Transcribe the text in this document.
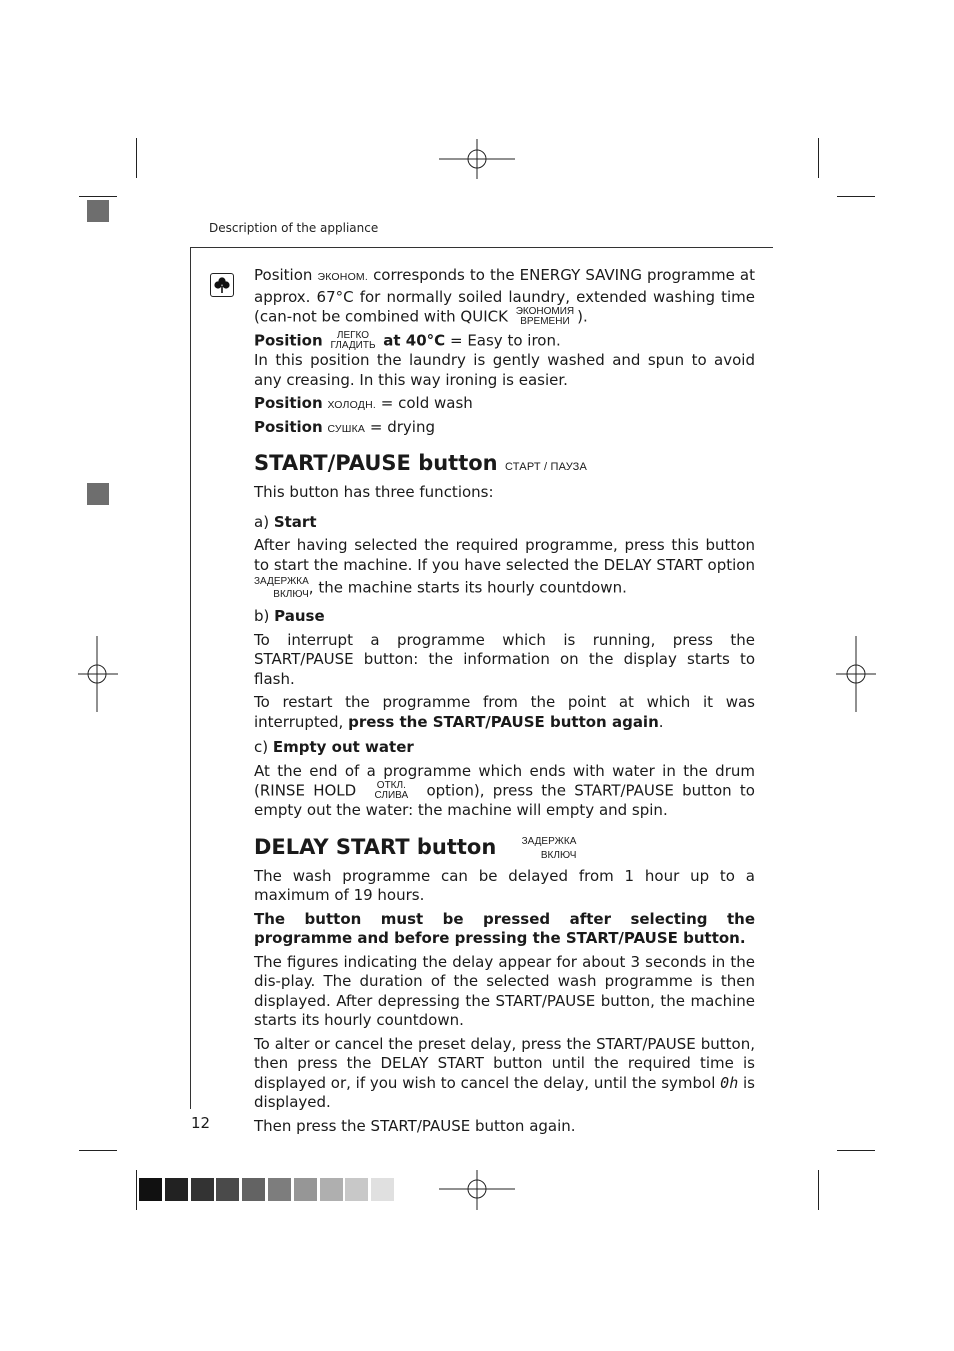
Description of the appliance

Position ЭКОНОМ. corresponds to the ENERGY SAVING programme at approx. 67°C for normally soiled laundry, extended washing time (can-not be combined with QUICK ЭКОНОМИЯ
ВРЕМЕНИ ).

Position ЛЕГКО
ГЛАДИТЬ at 40°C = Easy to iron.

In this position the laundry is gently washed and spun to avoid any creasing. In this way ironing is easier.

Position ХОЛОДН. = cold wash

Position СУШКА = drying

START/PAUSE button СТАРТ / ПАУЗА

This button has three functions:

a) Start

After having selected the required programme, press this button to start the machine. If you have selected the DELAY START option ЗАДЕРЖКА
ВКЛЮЧ, the machine starts its hourly countdown.

b) Pause

To interrupt a programme which is running, press the START/PAUSE button: the information on the display starts to flash.

To restart the programme from the point at which it was interrupted, press the START/PAUSE button again.

c) Empty out water

At the end of a programme which ends with water in the drum (RINSE HOLD ОТКЛ.
СЛИВА option), press the START/PAUSE button to empty out the water: the machine will empty and spin.

DELAY START button	ЗАДЕРЖКА
ВКЛЮЧ

The wash programme can be delayed from 1 hour up to a maximum of 19 hours.

The button must be pressed after selecting the programme and before pressing the START/PAUSE button.

The figures indicating the delay appear for about 3 seconds in the dis-play. The duration of the selected wash programme is then displayed. After depressing the START/PAUSE button, the machine starts its hourly countdown.

To alter or cancel the preset delay, press the START/PAUSE button, then press the DELAY START button until the required time is displayed or, if you wish to cancel the delay, until the symbol 0h is displayed.

Then press the START/PAUSE button again.

12
